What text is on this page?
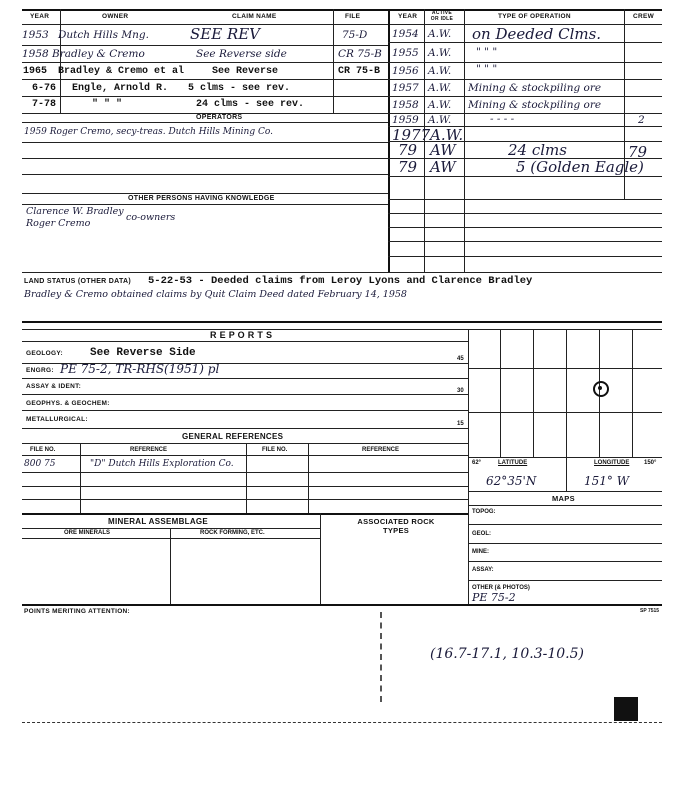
YEAR	OWNER	CLAIM NAME	FILE	YEAR	ACTIVE OR IDLE	TYPE OF OPERATION	CREW
1953 Dutch Hills Mng.	SEE REV	75-D
1958 Bradley & Cremo	See Reverse side	CR 75-B
1965 Bradley & Cremo et al	See Reverse	CR 75-B
6-76 Engle, Arnold R. 5 clms - see rev.
7-78	" " "	24 clms - see rev.
OPERATORS
1959 Roger Cremo, secy-treas. Dutch Hills Mining Co.
OTHER PERSONS HAVING KNOWLEDGE
Clarence W. Bradley
Roger Cremo
co-owners
1954 A.W. on Deeded Clms.
1955 A.W. " " "
1956 A.W. " " "
1957 A.W. Mining & stockpiling ore
1958 A.W. Mining & stockpiling ore
1959 A.W.	- - - -	2
1977 A.W.
79 AW	24 clms	79
79 AW	5 (Golden Eagle)
LAND STATUS (OTHER DATA) 5-22-53 - Deeded claims from Leroy Lyons and Clarence Bradley
Bradley & Cremo obtained claims by Quit Claim Deed dated February 14, 1958
R E P O R T S
GEOLOGY: See Reverse Side	45
ENGRG: PE 75-2, TR-RHS(1951) pl
ASSAY & IDENT:
30
GEOPHYS. & GEOCHEM:
METALLURGICAL:
15
GENERAL REFERENCES
FILE NO.	REFERENCE	FILE NO.	REFERENCE
800 75	"D" Dutch Hills Exploration Co.	62°	LATITUDE	LONGITUDE 150°
62°35'N	151° W
MAPS
TOPOG:
GEOL:
MINE:
ASSAY:
OTHER (& PHOTOS)
PE 75-2
MINERAL ASSEMBLAGE	ASSOCIATED ROCK TYPES
ORE MINERALS	ROCK FORMING, ETC.
POINTS MERITING ATTENTION:	SP 7515
(16.7-17.1, 10.3-10.5)
